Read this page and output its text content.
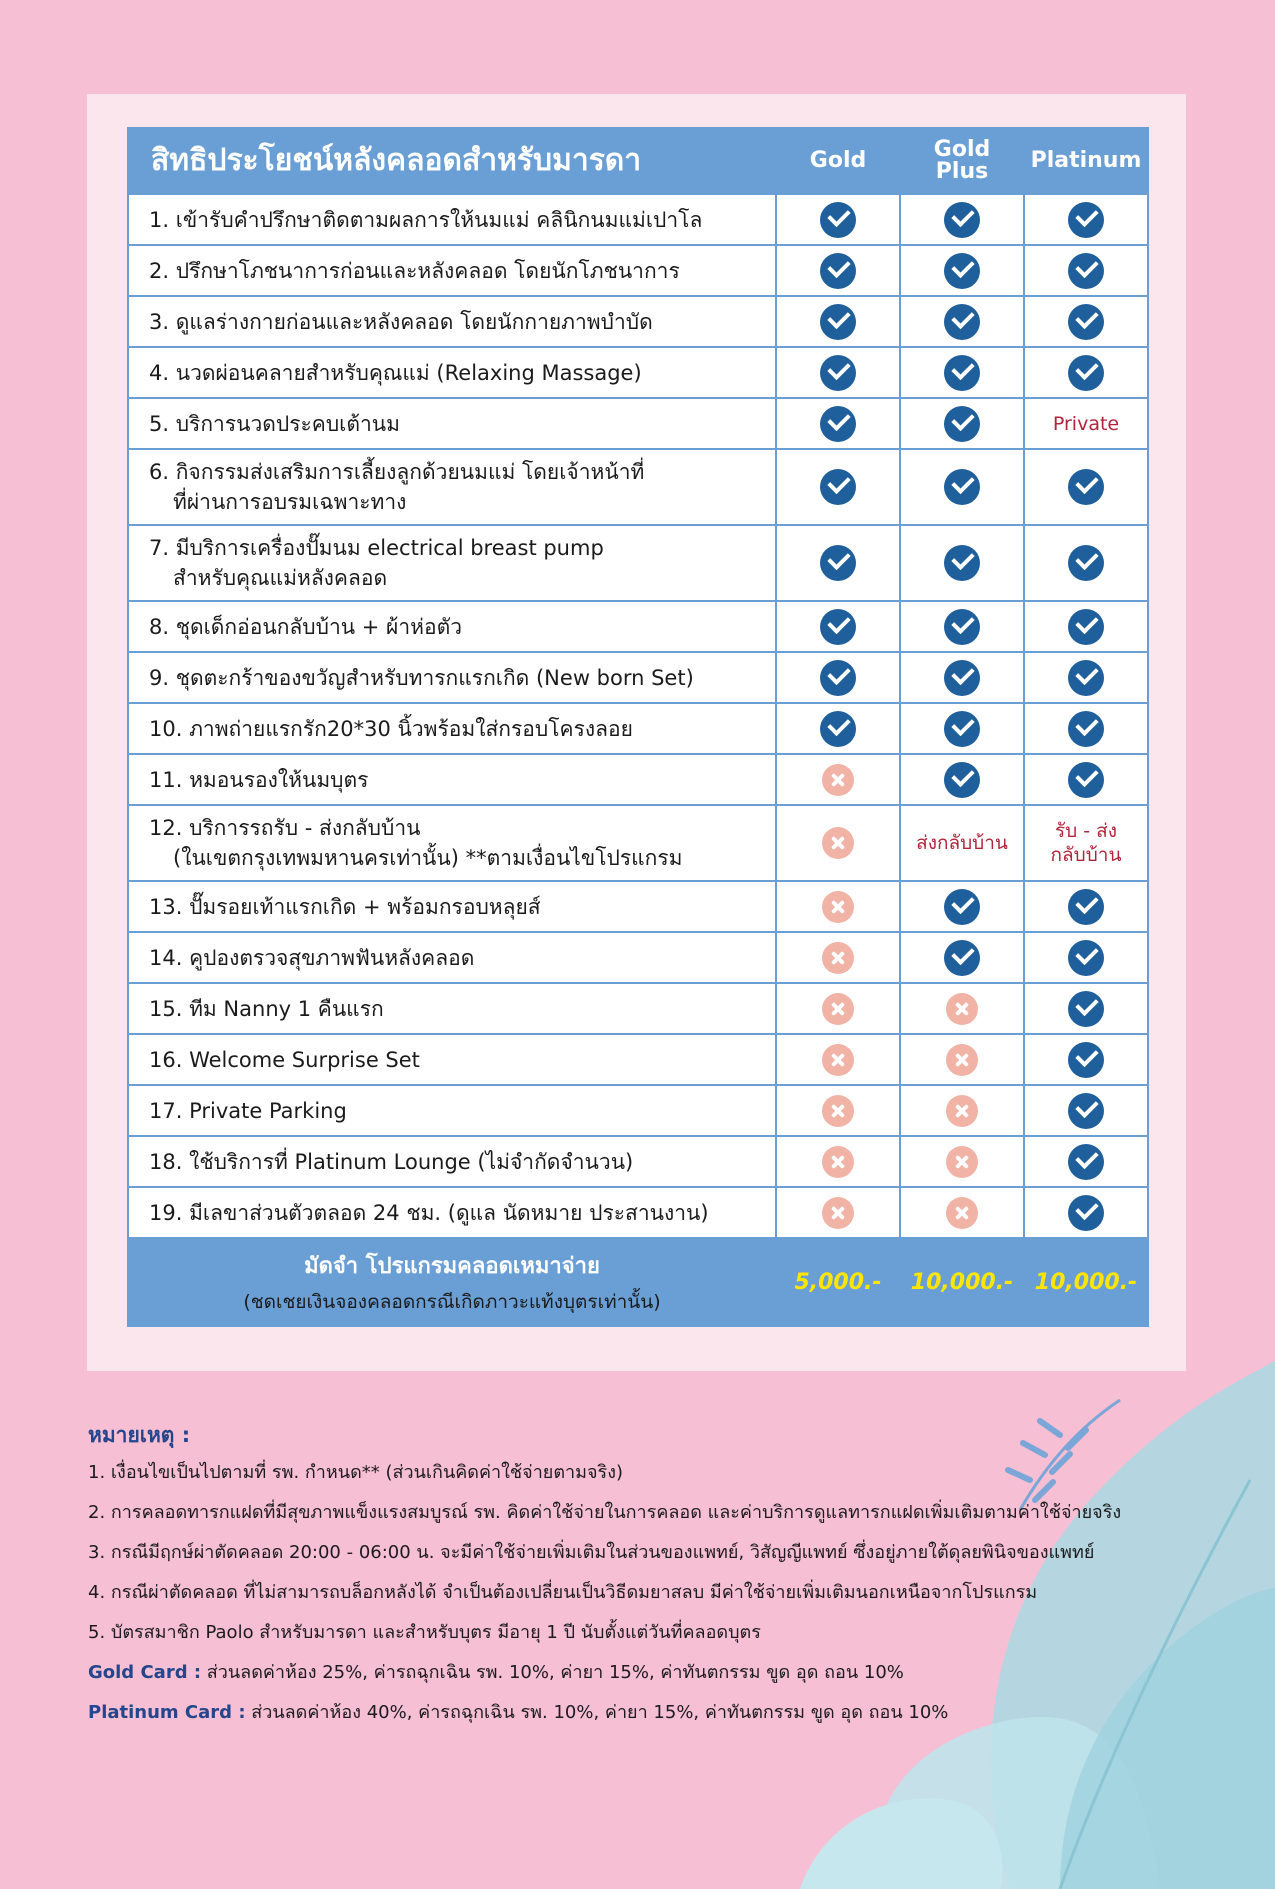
สิทธิประโยชน์หลังคลอดสำหรับมารดา	Gold	Gold Plus	Platinum
1. เข้ารับคำปรึกษาติดตามผลการให้นมแม่ คลินิกนมแม่เปาโล			
2. ปรึกษาโภชนาการก่อนและหลังคลอด โดยนักโภชนาการ			
3. ดูแลร่างกายก่อนและหลังคลอด โดยนักกายภาพบำบัด			
4. นวดผ่อนคลายสำหรับคุณแม่ (Relaxing Massage)			
5. บริการนวดประคบเต้านม			Private
6. กิจกรรมส่งเสริมการเลี้ยงลูกด้วยนมแม่ โดยเจ้าหน้าที่
ที่ผ่านการอบรมเฉพาะทาง			

7. มีบริการเครื่องปั๊มนม electrical breast pump
สำหรับคุณแม่หลังคลอด			

8. ชุดเด็กอ่อนกลับบ้าน + ผ้าห่อตัว			
9. ชุดตะกร้าของขวัญสำหรับทารกแรกเกิด (New born Set)			
10. ภาพถ่ายแรกรัก20*30 นิ้วพร้อมใส่กรอบโครงลอย			
11. หมอนรองให้นมบุตร			
12. บริการรถรับ - ส่งกลับบ้าน
(ในเขตกรุงเทพมหานครเท่านั้น) **ตามเงื่อนไขโปรแกรม		ส่งกลับบ้าน	รับ - ส่ง
กลับบ้าน
13. ปั๊มรอยเท้าแรกเกิด + พร้อมกรอบหลุยส์			
14. คูปองตรวจสุขภาพฟันหลังคลอด			
15. ทีม Nanny 1 คืนแรก			
16. Welcome Surprise Set			
17. Private Parking			
18. ใช้บริการที่ Platinum Lounge (ไม่จำกัดจำนวน)			
19. มีเลขาส่วนตัวตลอด 24 ชม. (ดูแล นัดหมาย ประสานงาน)			

มัดจำ โปรแกรมคลอดเหมาจ่าย
(ชดเชยเงินจองคลอดกรณีเกิดภาวะแท้งบุตรเท่านั้น)	5,000.-	10,000.-	10,000.-
หมายเหตุ :
1. เงื่อนไขเป็นไปตามที่ รพ. กำหนด** (ส่วนเกินคิดค่าใช้จ่ายตามจริง)
2. การคลอดทารกแฝดที่มีสุขภาพแข็งแรงสมบูรณ์ รพ. คิดค่าใช้จ่ายในการคลอด และค่าบริการดูแลทารกแฝดเพิ่มเติมตามค่าใช้จ่ายจริง
3. กรณีมีฤกษ์ผ่าตัดคลอด 20:00 - 06:00 น. จะมีค่าใช้จ่ายเพิ่มเติมในส่วนของแพทย์, วิสัญญีแพทย์ ซึ่งอยู่ภายใต้ดุลยพินิจของแพทย์
4. กรณีผ่าตัดคลอด ที่ไม่สามารถบล็อกหลังได้ จำเป็นต้องเปลี่ยนเป็นวิธีดมยาสลบ มีค่าใช้จ่ายเพิ่มเติมนอกเหนือจากโปรแกรม
5. บัตรสมาชิก Paolo สำหรับมารดา และสำหรับบุตร มีอายุ 1 ปี นับตั้งแต่วันที่คลอดบุตร
Gold Card : ส่วนลดค่าห้อง 25%, ค่ารถฉุกเฉิน รพ. 10%, ค่ายา 15%, ค่าทันตกรรม ขูด อุด ถอน 10%
Platinum Card : ส่วนลดค่าห้อง 40%, ค่ารถฉุกเฉิน รพ. 10%, ค่ายา 15%, ค่าทันตกรรม ขูด อุด ถอน 10%
